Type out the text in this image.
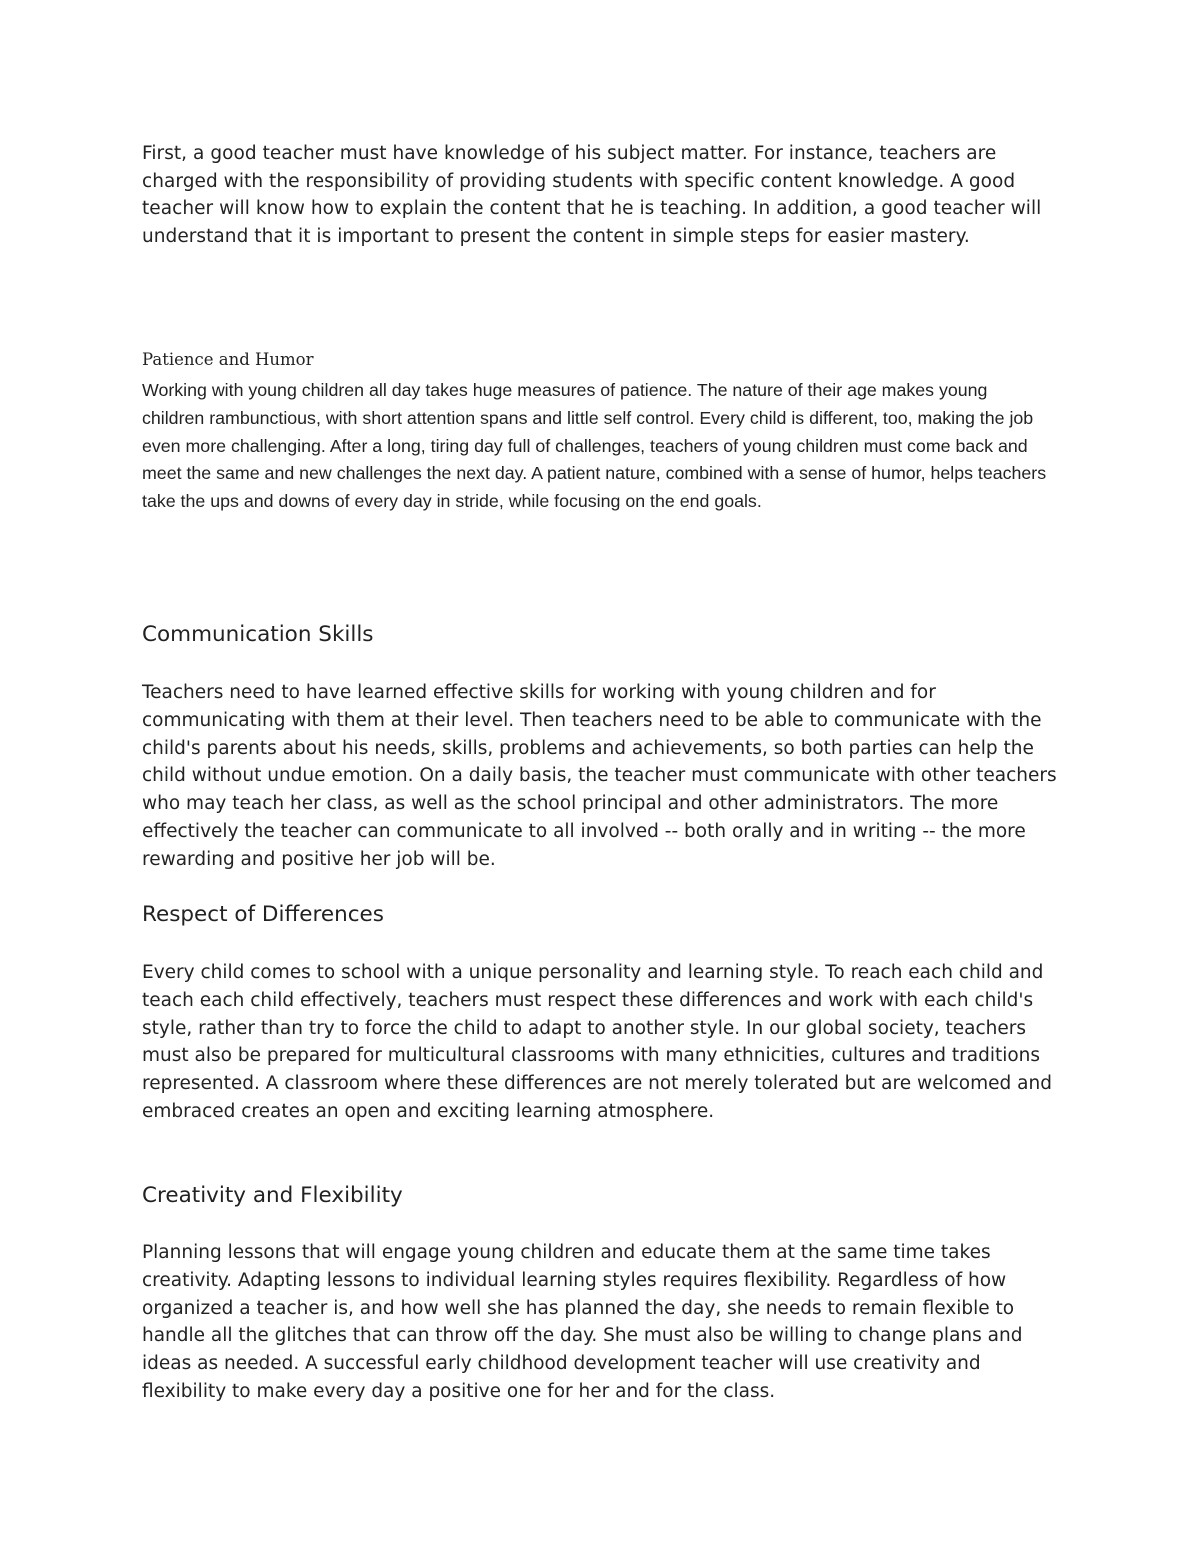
First, a good teacher must have knowledge of his subject matter. For instance, teachers are charged with the responsibility of providing students with specific content knowledge. A good teacher will know how to explain the content that he is teaching. In addition, a good teacher will understand that it is important to present the content in simple steps for easier mastery.

Patience and Humor

Working with young children all day takes huge measures of patience. The nature of their age makes young children rambunctious, with short attention spans and little self control. Every child is different, too, making the job even more challenging. After a long, tiring day full of challenges, teachers of young children must come back and meet the same and new challenges the next day. A patient nature, combined with a sense of humor, helps teachers take the ups and downs of every day in stride, while focusing on the end goals.

Communication Skills

Teachers need to have learned effective skills for working with young children and for communicating with them at their level. Then teachers need to be able to communicate with the child's parents about his needs, skills, problems and achievements, so both parties can help the child without undue emotion. On a daily basis, the teacher must communicate with other teachers who may teach her class, as well as the school principal and other administrators. The more effectively the teacher can communicate to all involved -- both orally and in writing -- the more rewarding and positive her job will be.

Respect of Differences

Every child comes to school with a unique personality and learning style. To reach each child and teach each child effectively, teachers must respect these differences and work with each child's style, rather than try to force the child to adapt to another style. In our global society, teachers must also be prepared for multicultural classrooms with many ethnicities, cultures and traditions represented. A classroom where these differences are not merely tolerated but are welcomed and embraced creates an open and exciting learning atmosphere.

Creativity and Flexibility

Planning lessons that will engage young children and educate them at the same time takes creativity. Adapting lessons to individual learning styles requires flexibility. Regardless of how organized a teacher is, and how well she has planned the day, she needs to remain flexible to handle all the glitches that can throw off the day. She must also be willing to change plans and ideas as needed. A successful early childhood development teacher will use creativity and flexibility to make every day a positive one for her and for the class.
